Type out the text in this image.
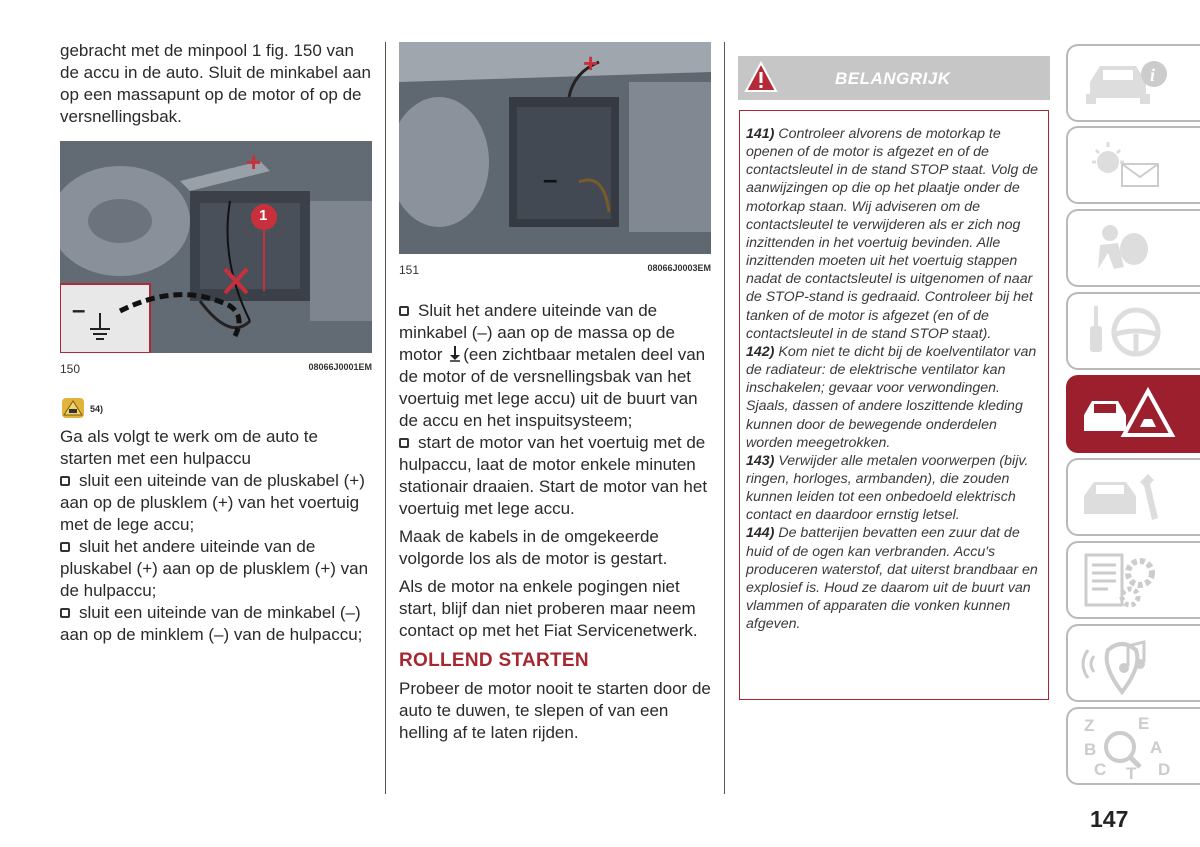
gebracht met de minpool 1 fig. 150 van de accu in de auto. Sluit de minkabel aan op een massapunt op de motor of op de versnellingsbak.

+
1
–
150	08066J0001EM
54)

Ga als volgt te werk om de auto te starten met een hulpaccu

sluit een uiteinde van de pluskabel (+) aan op de plusklem (+) van het voertuig met de lege accu;

sluit het andere uiteinde van de pluskabel (+) aan op de plusklem (+) van de hulpaccu;

sluit een uiteinde van de minkabel (–) aan op de minklem (–) van de hulpaccu;

+
–
151	08066J0003EM

Sluit het andere uiteinde van de minkabel (–) aan op de massa op de motor (een zichtbaar metalen deel van de motor of de versnellingsbak van het voertuig met lege accu) uit de buurt van de accu en het inspuitsysteem;

start de motor van het voertuig met de hulpaccu, laat de motor enkele minuten stationair draaien. Start de motor van het voertuig met lege accu.

Maak de kabels in de omgekeerde volgorde los als de motor is gestart.

Als de motor na enkele pogingen niet start, blijf dan niet proberen maar neem contact op met het Fiat Servicenetwerk.

ROLLEND STARTEN

Probeer de motor nooit te starten door de auto te duwen, te slepen of van een helling af te laten rijden.

BELANGRIJK

141) Controleer alvorens de motorkap te openen of de motor is afgezet en of de contactsleutel in de stand STOP staat. Volg de aanwijzingen op die op het plaatje onder de motorkap staan. Wij adviseren om de contactsleutel te verwijderen als er zich nog inzittenden in het voertuig bevinden. Alle inzittenden moeten uit het voertuig stappen nadat de contactsleutel is uitgenomen of naar de STOP-stand is gedraaid. Controleer bij het tanken of de motor is afgezet (en of de contactsleutel in de stand STOP staat).

142) Kom niet te dicht bij de koelventilator van de radiateur: de elektrische ventilator kan inschakelen; gevaar voor verwondingen. Sjaals, dassen of andere loszittende kleding kunnen door de bewegende onderdelen worden meegetrokken.

143) Verwijder alle metalen voorwerpen (bijv. ringen, horloges, armbanden), die zouden kunnen leiden tot een onbedoeld elektrisch contact en daardoor ernstig letsel.

144) De batterijen bevatten een zuur dat de huid of de ogen kan verbranden. Accu's produceren waterstof, dat uiterst brandbaar en explosief is. Houd ze daarom uit de buurt van vlammen of apparaten die vonken kunnen afgeven.

i
Z	E
B	A
C T D
147
